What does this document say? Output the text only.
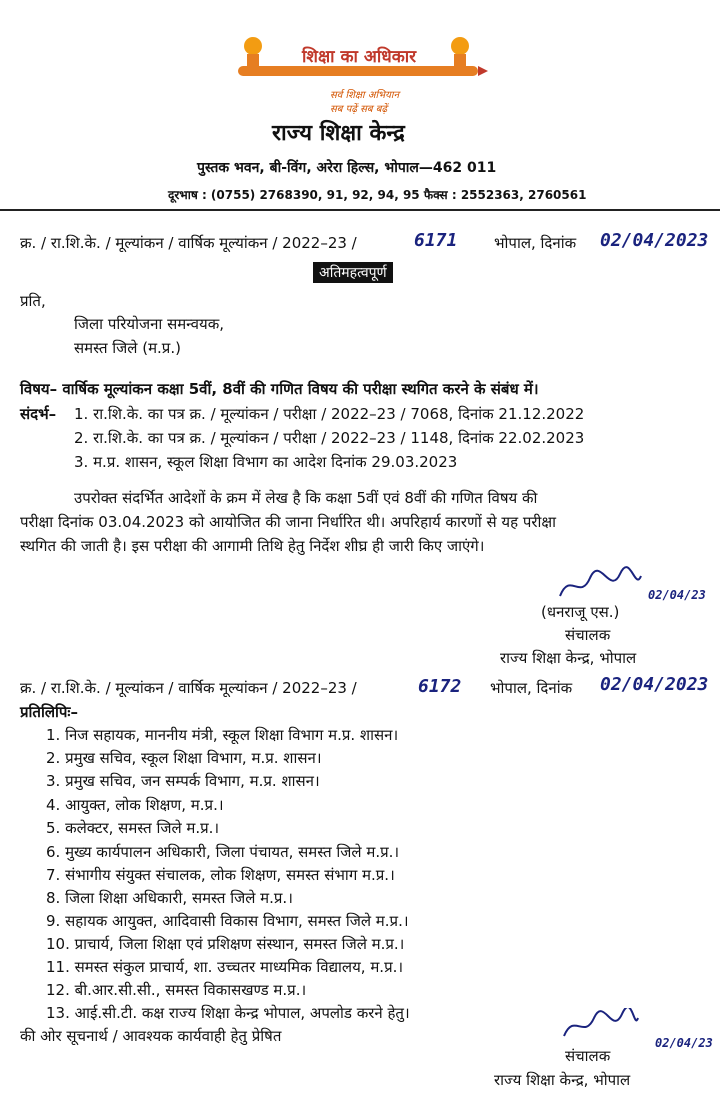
शिक्षा का अधिकार
सर्व शिक्षा अभियान
सब पढ़ें सब बढ़ें
राज्य शिक्षा केन्द्र
पुस्तक भवन, बी-विंग, अरेरा हिल्स, भोपाल—462 011
दूरभाष : (0755) 2768390, 91, 92, 94, 95 फैक्स : 2552363, 2760561
क्र. / रा.शि.के. / मूल्यांकन / वार्षिक मूल्यांकन / 2022–23 /	6171 भोपाल, दिनांक 02/04/2023
अतिमहत्वपूर्ण
प्रति,
जिला परियोजना समन्वयक,
समस्त जिले (म.प्र.)
विषय– वार्षिक मूल्यांकन कक्षा 5वीं, 8वीं की गणित विषय की परीक्षा स्थगित करने के संबंध में।
संदर्भ– 1. रा.शि.के. का पत्र क्र. / मूल्यांकन / परीक्षा / 2022–23 / 7068, दिनांक 21.12.2022
2. रा.शि.के. का पत्र क्र. / मूल्यांकन / परीक्षा / 2022–23 / 1148, दिनांक 22.02.2023
3. म.प्र. शासन, स्कूल शिक्षा विभाग का आदेश दिनांक 29.03.2023
उपरोक्त संदर्भित आदेशों के क्रम में लेख है कि कक्षा 5वीं एवं 8वीं की गणित विषय की
परीक्षा दिनांक 03.04.2023 को आयोजित की जाना निर्धारित थी। अपरिहार्य कारणों से यह परीक्षा
स्थगित की जाती है। इस परीक्षा की आगामी तिथि हेतु निर्देश शीघ्र ही जारी किए जाएंगे।
(धनराजू एस.)
02/04/23
संचालक
राज्य शिक्षा केन्द्र, भोपाल
क्र. / रा.शि.के. / मूल्यांकन / वार्षिक मूल्यांकन / 2022–23 /	6172 भोपाल, दिनांक 02/04/2023
प्रतिलिपिः–
1. निज सहायक, माननीय मंत्री, स्कूल शिक्षा विभाग म.प्र. शासन।
2. प्रमुख सचिव, स्कूल शिक्षा विभाग, म.प्र. शासन।
3. प्रमुख सचिव, जन सम्पर्क विभाग, म.प्र. शासन।
4. आयुक्त, लोक शिक्षण, म.प्र.।
5. कलेक्टर, समस्त जिले म.प्र.।
6. मुख्य कार्यपालन अधिकारी, जिला पंचायत, समस्त जिले म.प्र.।
7. संभागीय संयुक्त संचालक, लोक शिक्षण, समस्त संभाग म.प्र.।
8. जिला शिक्षा अधिकारी, समस्त जिले म.प्र.।
9. सहायक आयुक्त, आदिवासी विकास विभाग, समस्त जिले म.प्र.।
10. प्राचार्य, जिला शिक्षा एवं प्रशिक्षण संस्थान, समस्त जिले म.प्र.।
11. समस्त संकुल प्राचार्य, शा. उच्चतर माध्यमिक विद्यालय, म.प्र.।
12. बी.आर.सी.सी., समस्त विकासखण्ड म.प्र.।
13. आई.सी.टी. कक्ष राज्य शिक्षा केन्द्र भोपाल, अपलोड करने हेतु।
की ओर सूचनार्थ / आवश्यक कार्यवाही हेतु प्रेषित
संचालक
02/04/23
राज्य शिक्षा केन्द्र, भोपाल
